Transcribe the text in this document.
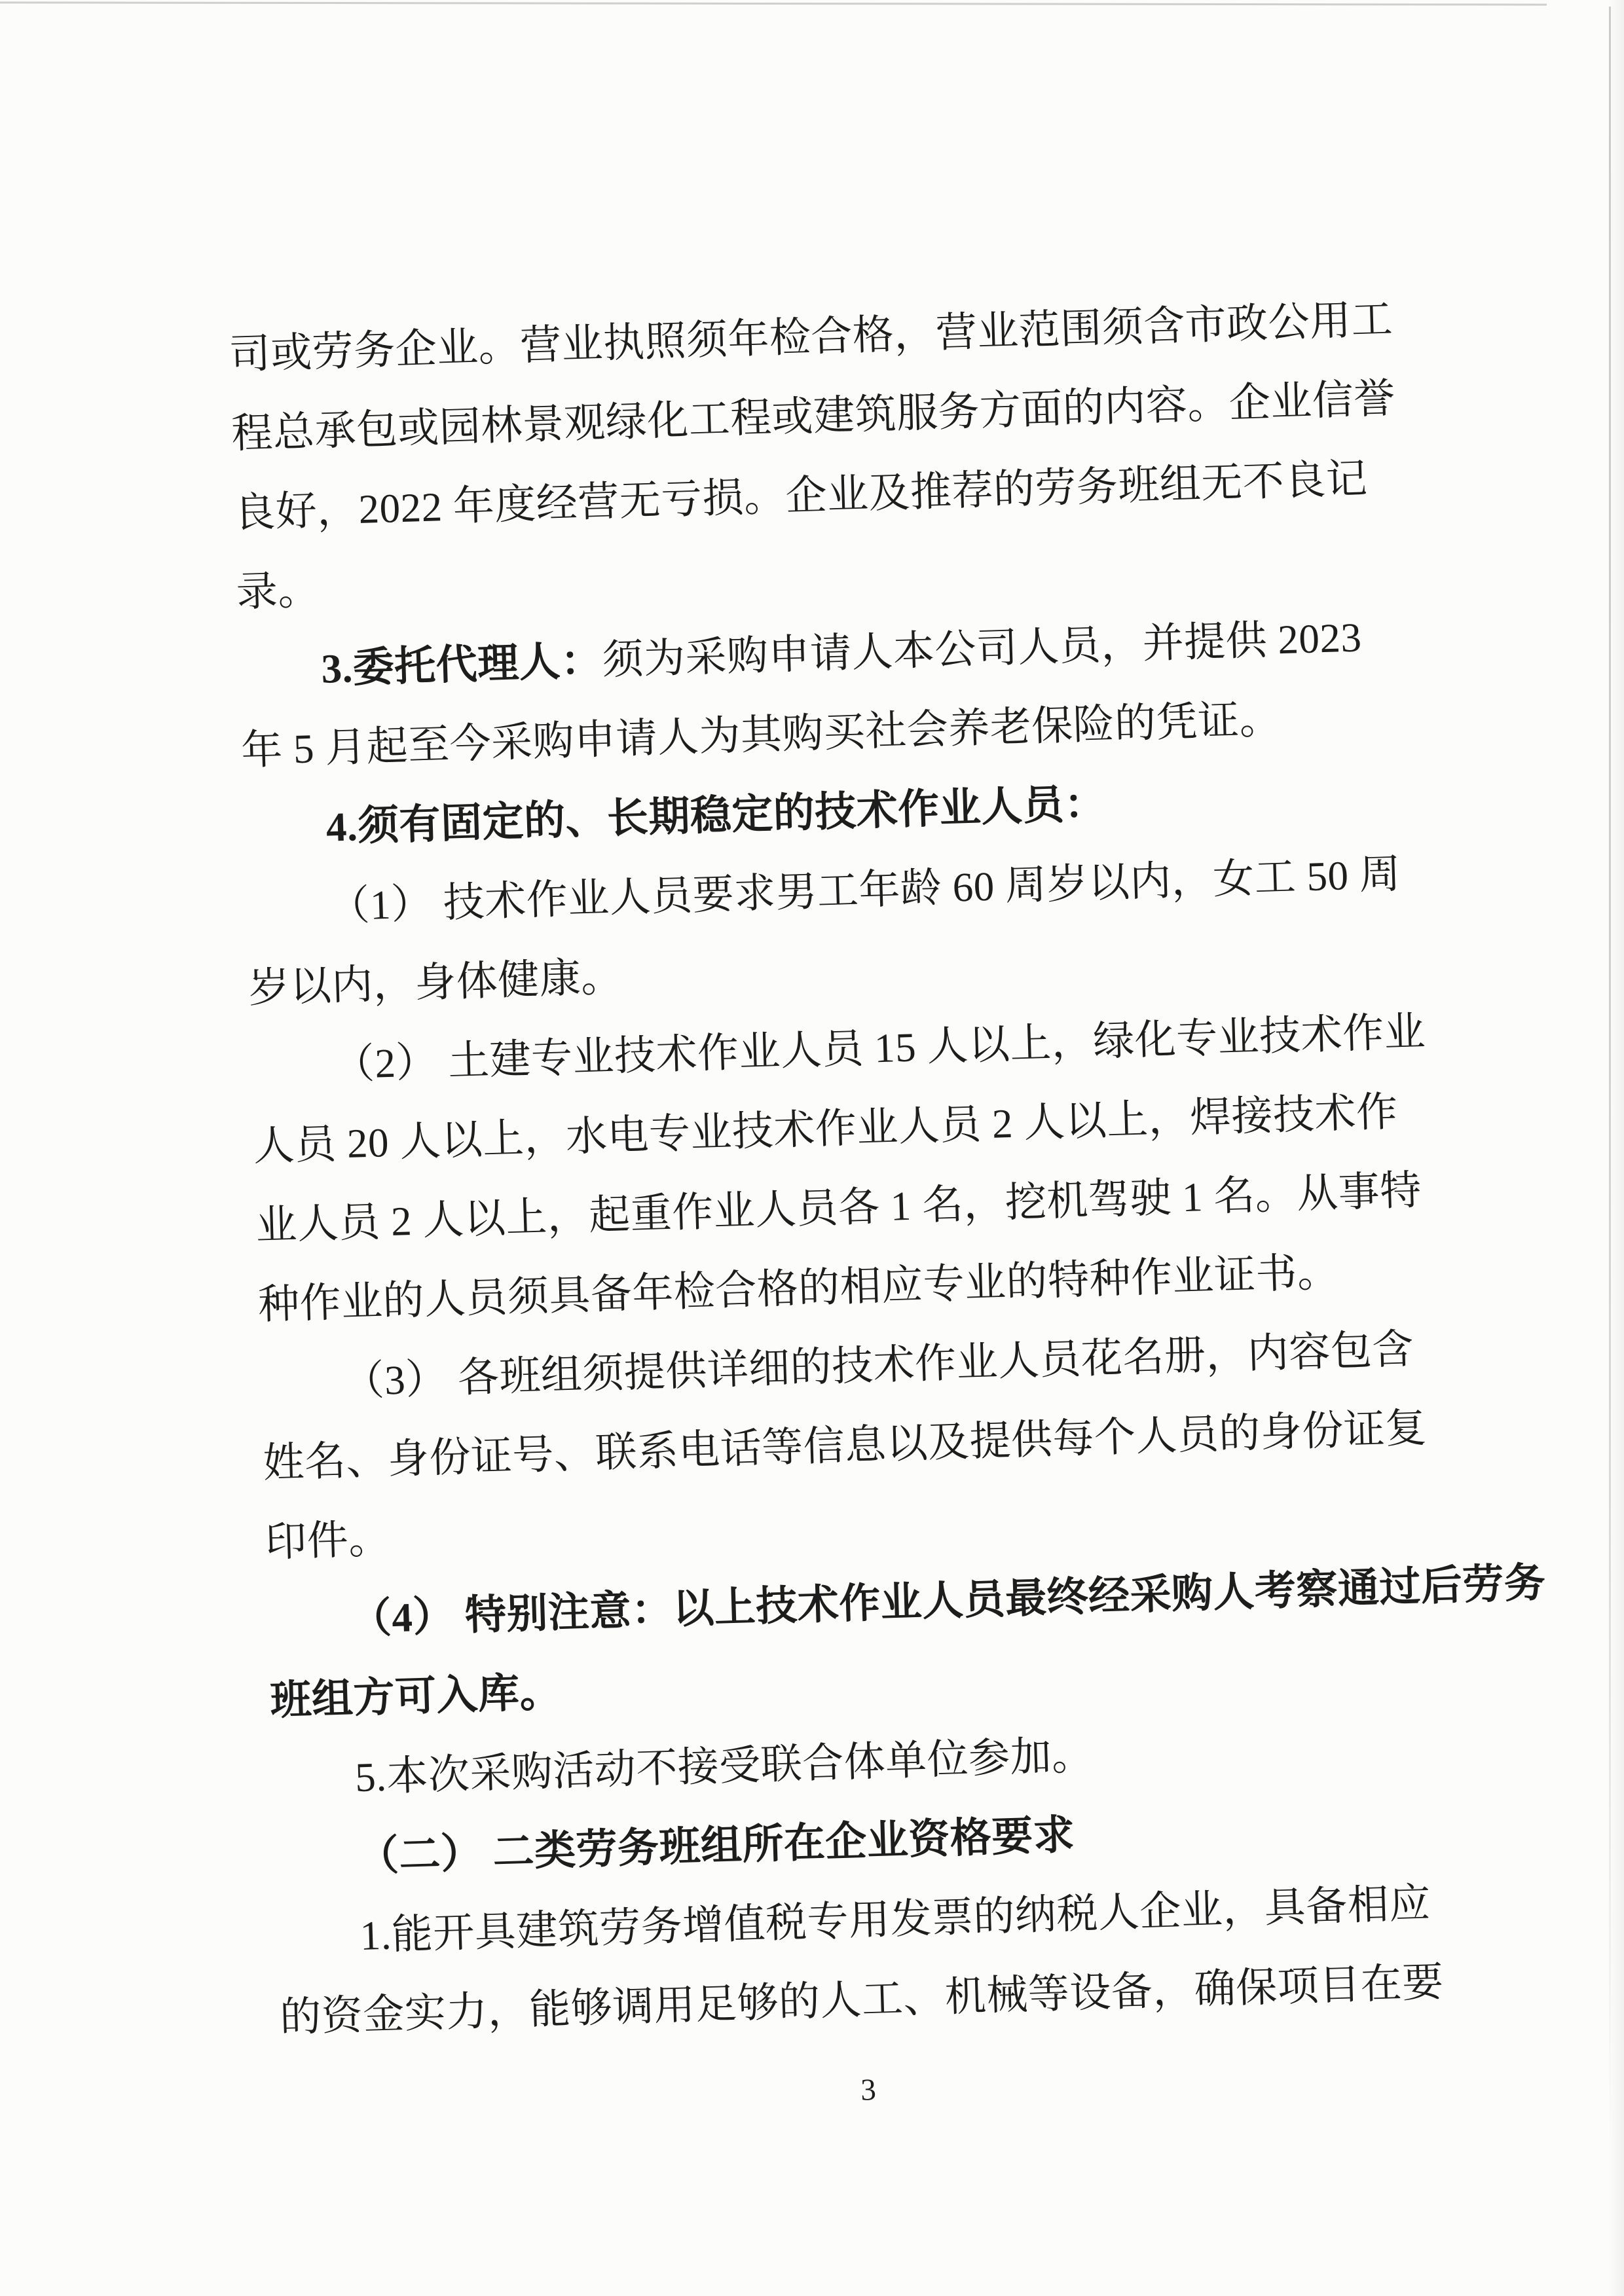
司或劳务企业。营业执照须年检合格，营业范围须含市政公用工
程总承包或园林景观绿化工程或建筑服务方面的内容。企业信誉
良好，2022 年度经营无亏损。企业及推荐的劳务班组无不良记
录。
3.委托代理人：须为采购申请人本公司人员，并提供 2023
年 5 月起至今采购申请人为其购买社会养老保险的凭证。
4.须有固定的、长期稳定的技术作业人员：
（1） 技术作业人员要求男工年龄 60 周岁以内，女工 50 周
岁以内，身体健康。
（2） 土建专业技术作业人员 15 人以上，绿化专业技术作业
人员 20 人以上，水电专业技术作业人员 2 人以上，焊接技术作
业人员 2 人以上，起重作业人员各 1 名，挖机驾驶 1 名。从事特
种作业的人员须具备年检合格的相应专业的特种作业证书。
（3） 各班组须提供详细的技术作业人员花名册，内容包含
姓名、身份证号、联系电话等信息以及提供每个人员的身份证复
印件。
（4） 特别注意：以上技术作业人员最终经采购人考察通过后劳务
班组方可入库。
5.本次采购活动不接受联合体单位参加。
（二） 二类劳务班组所在企业资格要求
1.能开具建筑劳务增值税专用发票的纳税人企业，具备相应
的资金实力，能够调用足够的人工、机械等设备，确保项目在要
3
